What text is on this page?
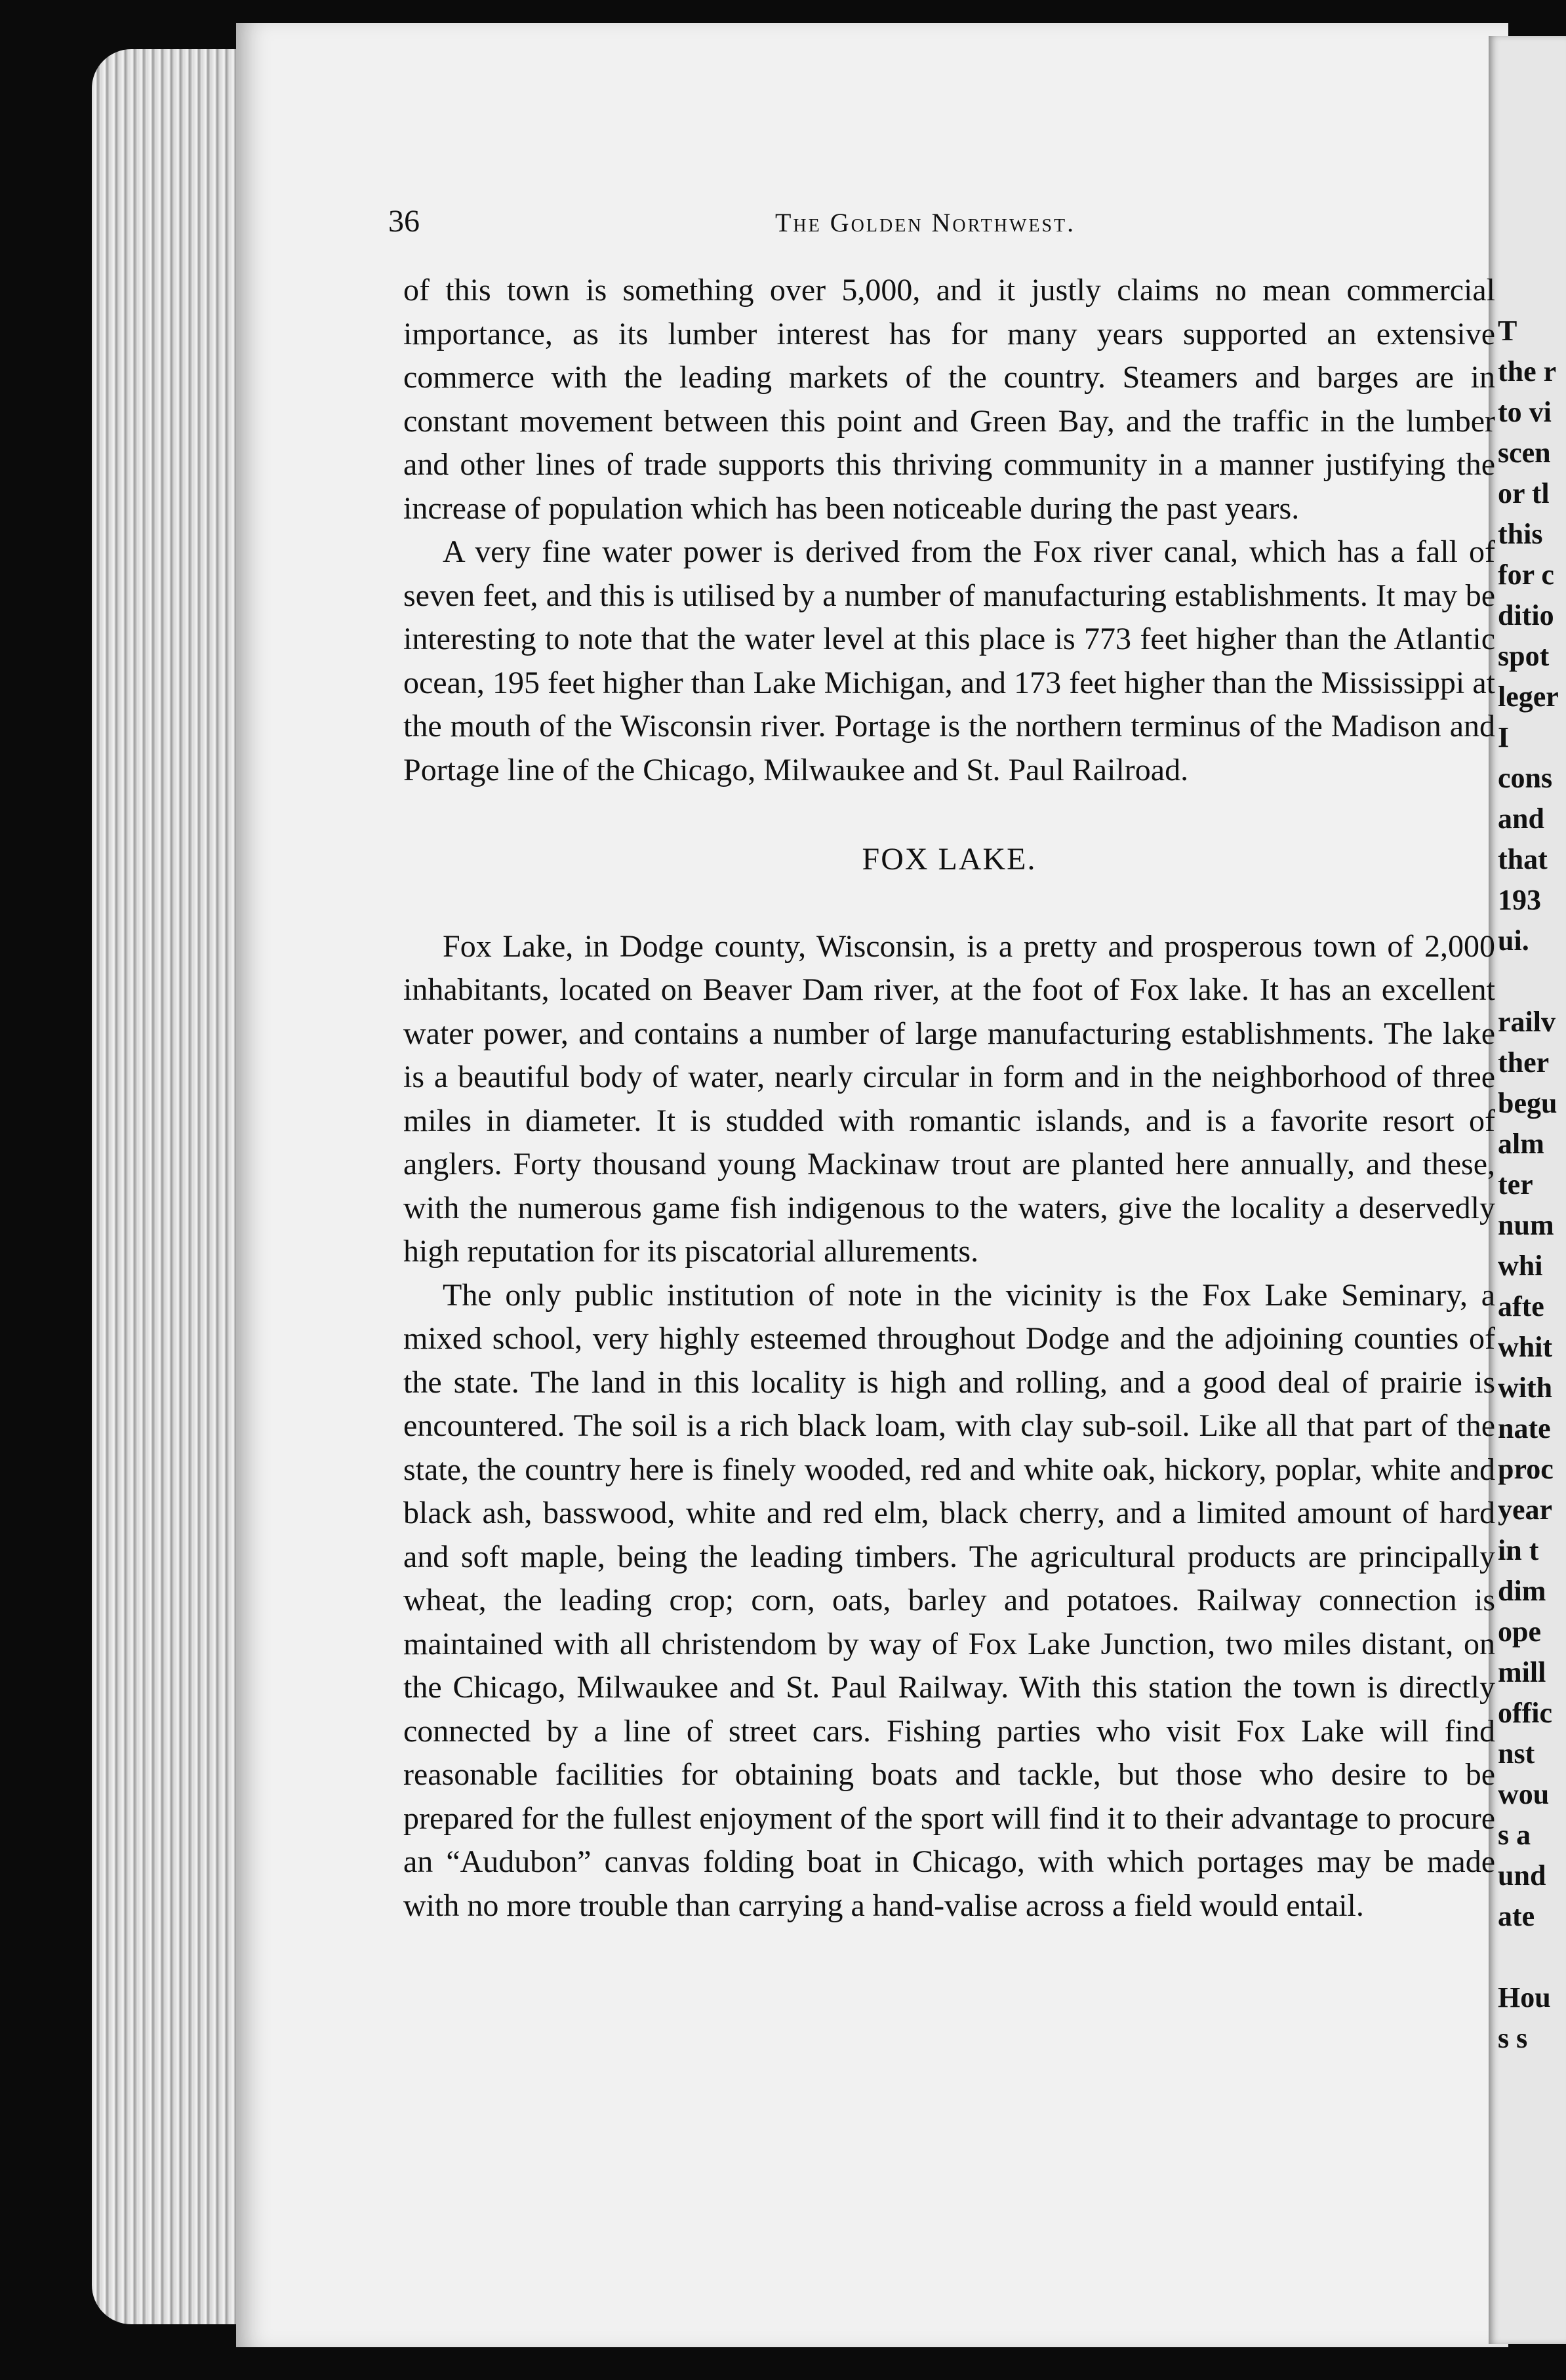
T
the r
to vi
scen
or tl
this
for c
ditio
spot
leger
I
cons
and
that
193
ui.
railv
ther
begu
alm
ter
num
whi
afte
whit
with
nate
proc
year
in t
dim
ope
mill
offic
nst
wou
s a
und
ate
Hou
s s
36	The Golden Northwest.

of this town is something over 5,000, and it justly claims no mean commercial importance, as its lumber interest has for many years supported an extensive commerce with the leading markets of the country. Steamers and barges are in constant movement between this point and Green Bay, and the traffic in the lumber and other lines of trade supports this thriving community in a manner justifying the increase of population which has been noticeable during the past years.

A very fine water power is derived from the Fox river canal, which has a fall of seven feet, and this is utilised by a number of manufacturing establishments. It may be interesting to note that the water level at this place is 773 feet higher than the Atlantic ocean, 195 feet higher than Lake Michigan, and 173 feet higher than the Mississippi at the mouth of the Wisconsin river. Portage is the northern terminus of the Madison and Portage line of the Chicago, Milwaukee and St. Paul Railroad.

FOX LAKE.

Fox Lake, in Dodge county, Wisconsin, is a pretty and prosperous town of 2,000 inhabitants, located on Beaver Dam river, at the foot of Fox lake. It has an excellent water power, and contains a number of large manufacturing establishments. The lake is a beautiful body of water, nearly circular in form and in the neighborhood of three miles in diameter. It is studded with romantic islands, and is a favorite resort of anglers. Forty thousand young Mackinaw trout are planted here annually, and these, with the numerous game fish indigenous to the waters, give the locality a deservedly high reputation for its piscatorial allurements.

The only public institution of note in the vicinity is the Fox Lake Seminary, a mixed school, very highly esteemed throughout Dodge and the adjoining counties of the state. The land in this locality is high and rolling, and a good deal of prairie is encountered. The soil is a rich black loam, with clay sub-soil. Like all that part of the state, the country here is finely wooded, red and white oak, hickory, poplar, white and black ash, basswood, white and red elm, black cherry, and a limited amount of hard and soft maple, being the leading timbers. The agricultural products are principally wheat, the leading crop; corn, oats, barley and potatoes. Railway connection is maintained with all christendom by way of Fox Lake Junction, two miles distant, on the Chicago, Milwaukee and St. Paul Railway. With this station the town is directly connected by a line of street cars. Fishing parties who visit Fox Lake will find reasonable facilities for obtaining boats and tackle, but those who desire to be prepared for the fullest enjoyment of the sport will find it to their advantage to procure an “Audubon” canvas folding boat in Chicago, with which portages may be made with no more trouble than carrying a hand-valise across a field would entail.
